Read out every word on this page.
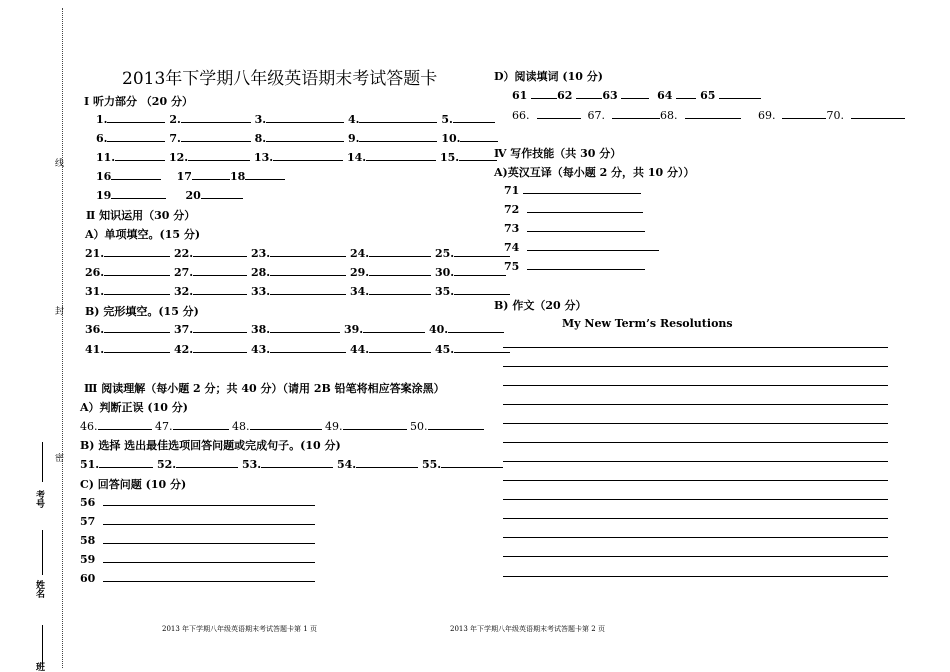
线
封
密
考号
姓名
班
2013年下学期八年级英语期末考试答题卡
Ⅰ 听力部分 （20 分）
1.	2.	3.	4.	5.
6.	7.	8.	9.	10.
11.	12.	13.	14.	15.
16	17	18
19	20
Ⅱ 知识运用（30 分）
A）单项填空。(15 分)
21.	22.	23.	24.	25.
26.	27.	28.	29.	30.
31.	32.	33.	34.	35.
B) 完形填空。(15 分)
36.	37.	38.	39.	40.
41.	42.	43.	44.	45.
Ⅲ 阅读理解（每小题 2 分；共 40 分）（请用 2B 铅笔将相应答案涂黑）
A）判断正误 (10 分)
46.	47.	48.	49.	50.
B) 选择 选出最佳选项回答问题或完成句子。(10 分)
51.	52.	53.	54.	55.
C) 回答问题 (10 分)
56
57
58
59
60
2013 年下学期八年级英语期末考试答题卡第 1 页
D）阅读填词 (10 分)
61	62	63	64	65
66.	67.	68.	69.	70.
Ⅳ 写作技能（共 30 分）
A)英汉互译（每小题 2 分，共 10 分））
71
72
73
74
75
B) 作文（20 分）
My New Term’s Resolutions
2013 年下学期八年级英语期末考试答题卡第 2 页
